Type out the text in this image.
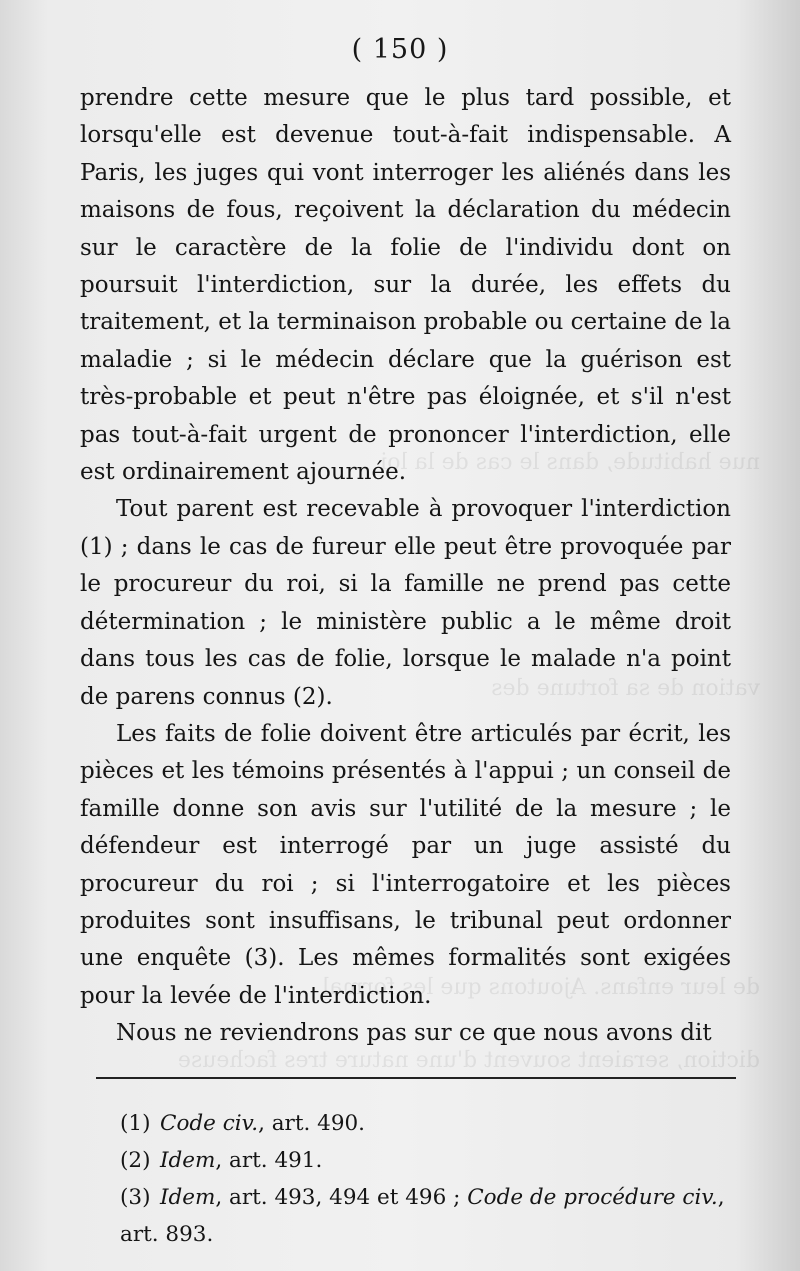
nue habitude, dans le cas de la loi
vation de sa fortune des
de leur enfans. Ajoutons que les formal
diction, seraient souvent d'une nature tres facheuse
( 150 )

prendre cette mesure que le plus tard possible, et lorsqu'elle est devenue tout-à-fait indispensable. A Paris, les juges qui vont interroger les aliénés dans les maisons de fous, reçoivent la déclaration du médecin sur le caractère de la folie de l'individu dont on poursuit l'interdiction, sur la durée, les effets du traitement, et la terminaison probable ou certaine de la maladie ; si le médecin déclare que la guérison est très-probable et peut n'être pas éloignée, et s'il n'est pas tout-à-fait urgent de prononcer l'interdiction, elle est ordinairement ajournée.

Tout parent est recevable à provoquer l'interdiction (1) ; dans le cas de fureur elle peut être provoquée par le procureur du roi, si la famille ne prend pas cette détermination ; le ministère public a le même droit dans tous les cas de folie, lorsque le malade n'a point de parens connus (2).

Les faits de folie doivent être articulés par écrit, les pièces et les témoins présentés à l'appui ; un conseil de famille donne son avis sur l'utilité de la mesure ; le défendeur est interrogé par un juge assisté du procureur du roi ; si l'interrogatoire et les pièces produites sont insuffisans, le tribunal peut ordonner une enquête (3). Les mêmes formalités sont exigées pour la levée de l'interdiction.

Nous ne reviendrons pas sur ce que nous avons dit

(1) Code civ., art. 490.

(2) Idem, art. 491.

(3) Idem, art. 493, 494 et 496 ; Code de procédure civ., art. 893.
